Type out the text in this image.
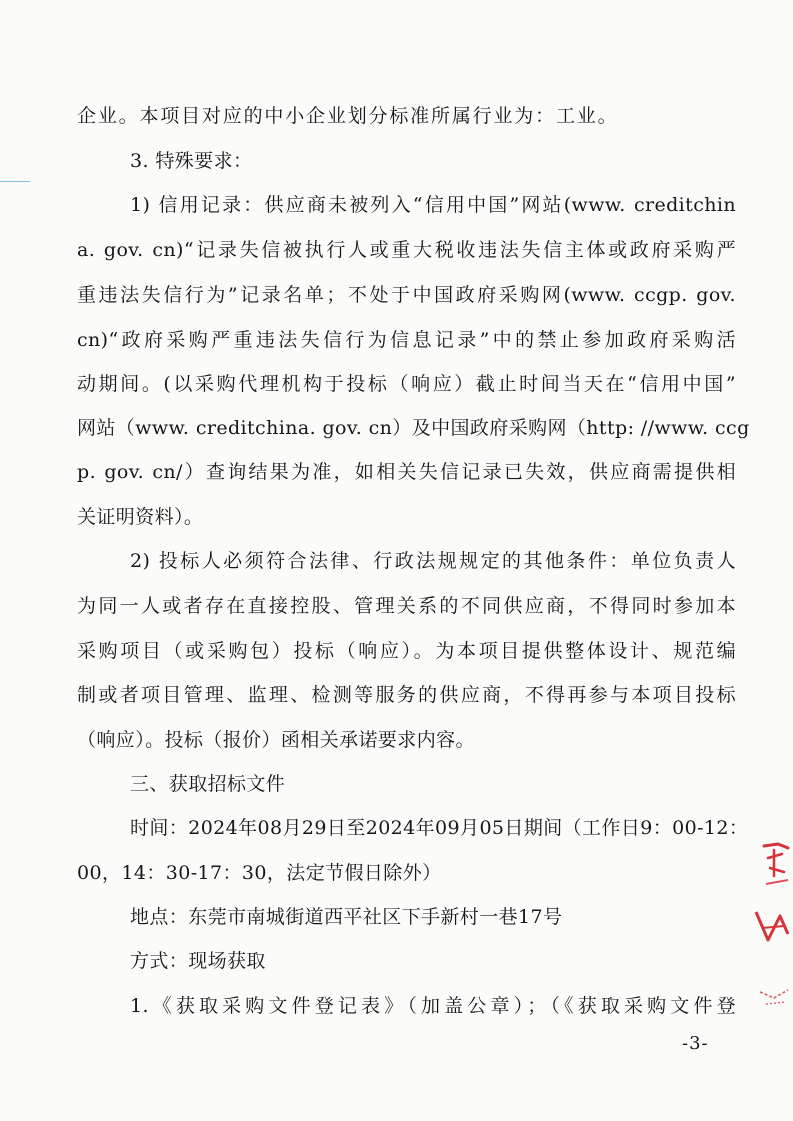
企业。本项目对应的中小企业划分标准所属行业为：工业。
3. 特殊要求：
1) 信用记录：供应商未被列入“信用中国”网站(www. creditchin
a. gov. cn)“记录失信被执行人或重大税收违法失信主体或政府采购严
重违法失信行为”记录名单；不处于中国政府采购网(www. ccgp. gov.
cn)“政府采购严重违法失信行为信息记录”中的禁止参加政府采购活
动期间。(以采购代理机构于投标（响应）截止时间当天在“信用中国”
网站（www. creditchina. gov. cn）及中国政府采购网（http: //www. ccg
p. gov. cn/）查询结果为准，如相关失信记录已失效，供应商需提供相
关证明资料）。
2) 投标人必须符合法律、行政法规规定的其他条件：单位负责人
为同一人或者存在直接控股、管理关系的不同供应商，不得同时参加本
采购项目（或采购包）投标（响应）。为本项目提供整体设计、规范编
制或者项目管理、监理、检测等服务的供应商，不得再参与本项目投标
（响应）。投标（报价）函相关承诺要求内容。
三、获取招标文件
时间：2024年08月29日至2024年09月05日期间（工作日9：00-12：
00，14：30-17：30，法定节假日除外）
地点：东莞市南城街道西平社区下手新村一巷17号
方式：现场获取
1.《获取采购文件登记表》（加盖公章）；（《获取采购文件登
-3-
